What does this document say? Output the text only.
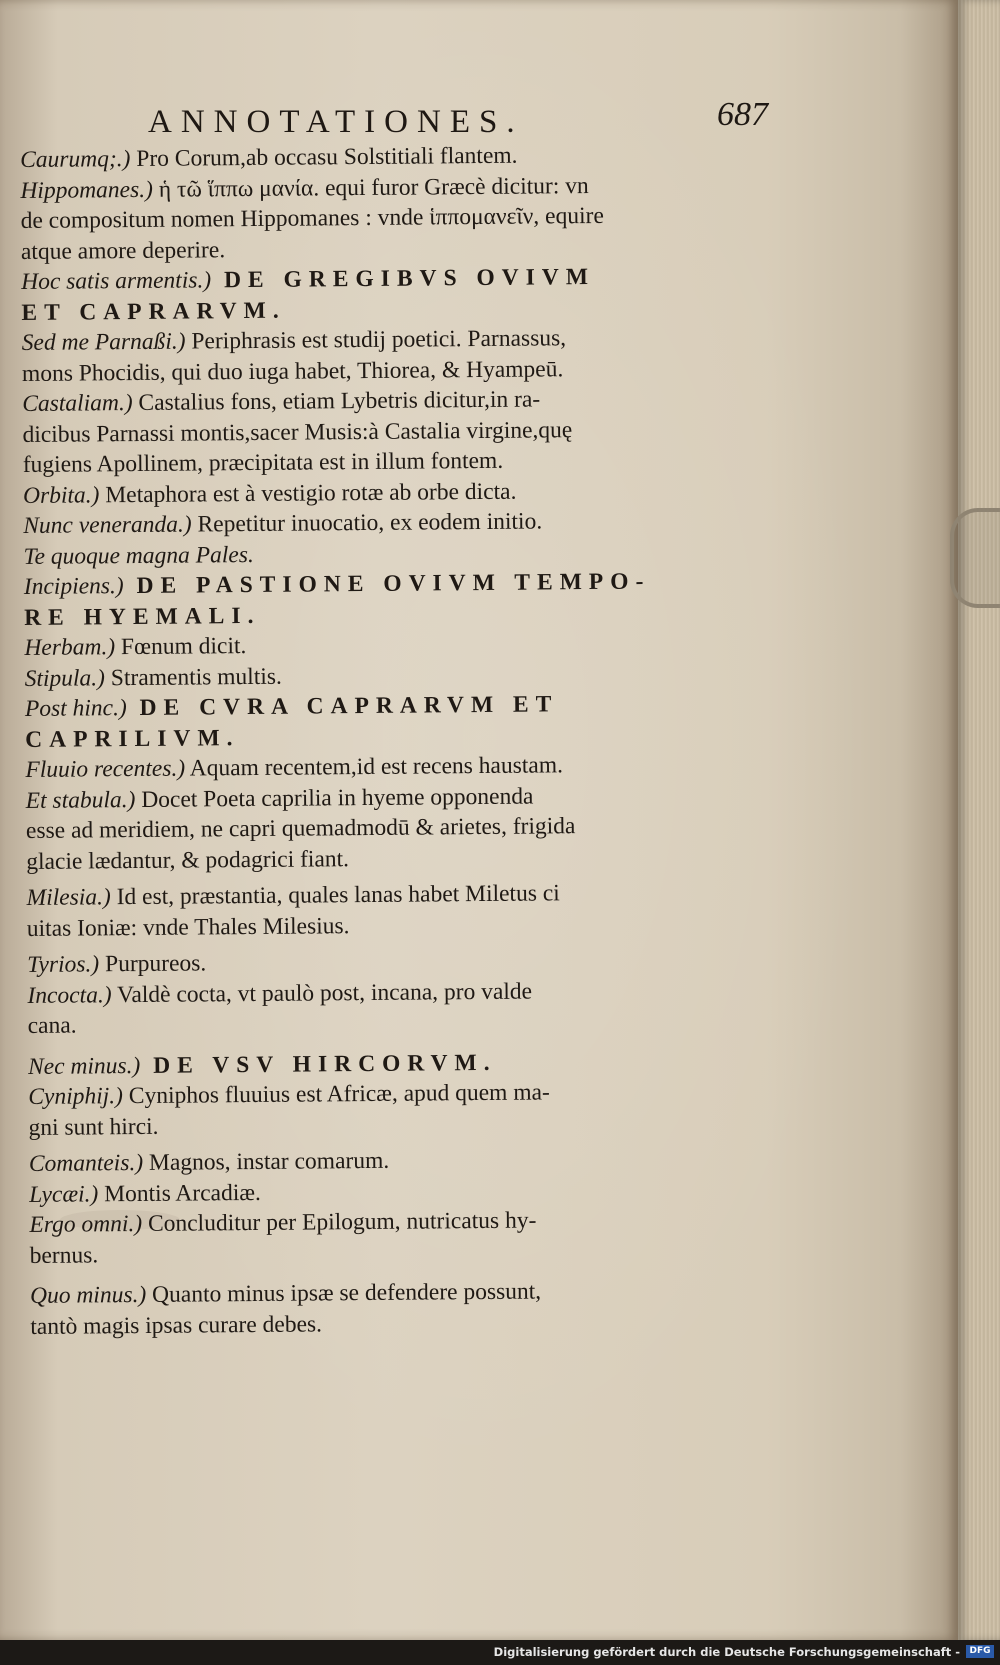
ANNOTATIONES.	687

Caurumq;.) Pro Corum,ab occasu Solstitiali flantem.

Hippomanes.) ἡ τῶ ἵππω μανία. equi furor Græcè dicitur: vn

de compositum nomen Hippomanes : vnde ἱππομανεῖν, equire

atque amore deperire.

Hoc satis armentis.) DE GREGIBVS OVIVM

ET CAPRARVM.

Sed me Parnaßi.) Periphrasis est studij poetici. Parnassus,

mons Phocidis, qui duo iuga habet, Thiorea, & Hyampeū.

Castaliam.) Castalius fons, etiam Lybetris dicitur,in ra-

dicibus Parnassi montis,sacer Musis:à Castalia virgine,quę

fugiens Apollinem, præcipitata est in illum fontem.

Orbita.) Metaphora est à vestigio rotæ ab orbe dicta.

Nunc veneranda.) Repetitur inuocatio, ex eodem initio.

Te quoque magna Pales.

Incipiens.) DE PASTIONE OVIVM TEMPO-

RE HYEMALI.

Herbam.) Fœnum dicit.

Stipula.) Stramentis multis.

Post hinc.) DE CVRA CAPRARVM ET CAPRILIVM.

Fluuio recentes.) Aquam recentem,id est recens haustam.

Et stabula.) Docet Poeta caprilia in hyeme opponenda

esse ad meridiem, ne capri quemadmodū & arietes, frigida

glacie lædantur, & podagrici fiant.

Milesia.) Id est, præstantia, quales lanas habet Miletus ci

uitas Ioniæ: vnde Thales Milesius.

Tyrios.) Purpureos.

Incocta.) Valdè cocta, vt paulò post, incana, pro valde

cana.

Nec minus.) DE VSV HIRCORVM.

Cyniphij.) Cyniphos fluuius est Africæ, apud quem ma-

gni sunt hirci.

Comanteis.) Magnos, instar comarum.

Lycæi.) Montis Arcadiæ.

Ergo omni.) Concluditur per Epilogum, nutricatus hy-

bernus.

Quo minus.) Quanto minus ipsæ se defendere possunt,

tantò magis ipsas curare debes.

Digitalisierung gefördert durch die Deutsche Forschungsgemeinschaft -	DFG
